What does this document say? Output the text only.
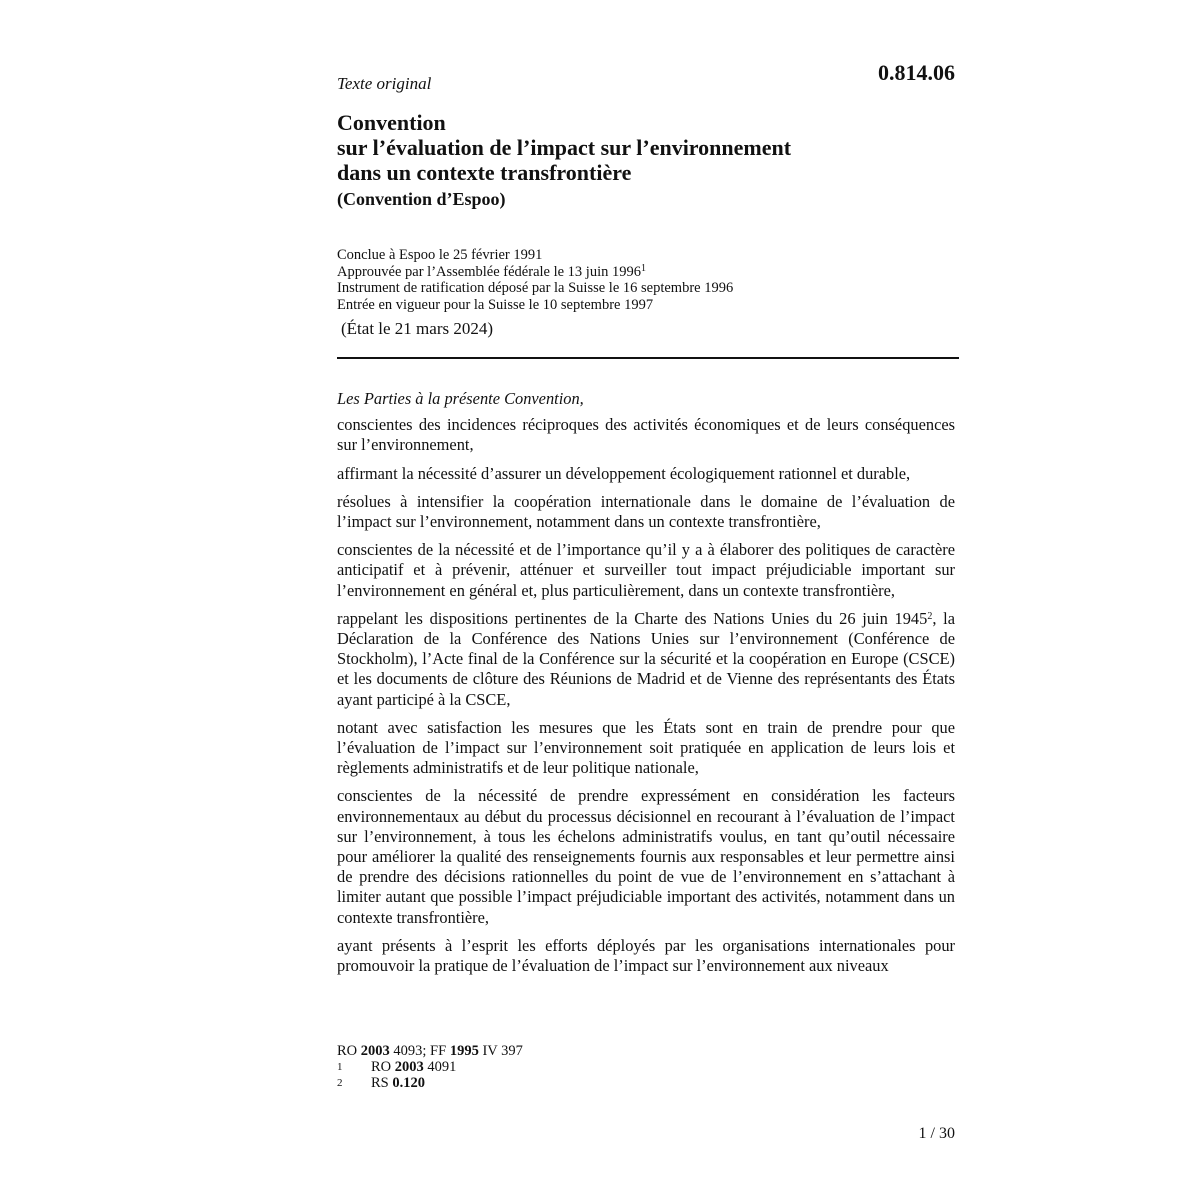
Texte original	0.814.06
Convention
sur l’évaluation de l’impact sur l’environnement
dans un contexte transfrontière
(Convention d’Espoo)
Conclue à Espoo le 25 février 1991
Approuvée par l’Assemblée fédérale le 13 juin 1996$^1$
Instrument de ratification déposé par la Suisse le 16 septembre 1996
Entrée en vigueur pour la Suisse le 10 septembre 1997
(État le 21 mars 2024)
Les Parties à la présente Convention,
conscientes des incidences réciproques des activités économiques et de leurs conséquences sur l’environnement,
affirmant la nécessité d’assurer un développement écologiquement rationnel et durable,
résolues à intensifier la coopération internationale dans le domaine de l’évaluation de l’impact sur l’environnement, notamment dans un contexte transfrontière,
conscientes de la nécessité et de l’importance qu’il y a à élaborer des politiques de caractère anticipatif et à prévenir, atténuer et surveiller tout impact préjudiciable important sur l’environnement en général et, plus particulièrement, dans un contexte transfrontière,
rappelant les dispositions pertinentes de la Charte des Nations Unies du 26 juin 1945$^2$, la Déclaration de la Conférence des Nations Unies sur l’environnement (Conférence de Stockholm), l’Acte final de la Conférence sur la sécurité et la coopération en Europe (CSCE) et les documents de clôture des Réunions de Madrid et de Vienne des représentants des États ayant participé à la CSCE,
notant avec satisfaction les mesures que les États sont en train de prendre pour que l’évaluation de l’impact sur l’environnement soit pratiquée en application de leurs lois et règlements administratifs et de leur politique nationale,
conscientes de la nécessité de prendre expressément en considération les facteurs environnementaux au début du processus décisionnel en recourant à l’évaluation de l’impact sur l’environnement, à tous les échelons administratifs voulus, en tant qu’outil nécessaire pour améliorer la qualité des renseignements fournis aux responsables et leur permettre ainsi de prendre des décisions rationnelles du point de vue de l’environnement en s’attachant à limiter autant que possible l’impact préjudiciable important des activités, notamment dans un contexte transfrontière,
ayant présents à l’esprit les efforts déployés par les organisations internationales pour promouvoir la pratique de l’évaluation de l’impact sur l’environnement aux niveaux
RO 2003 4093; FF 1995 IV 397
1	RO 2003 4091
2	RS 0.120
1 / 30
